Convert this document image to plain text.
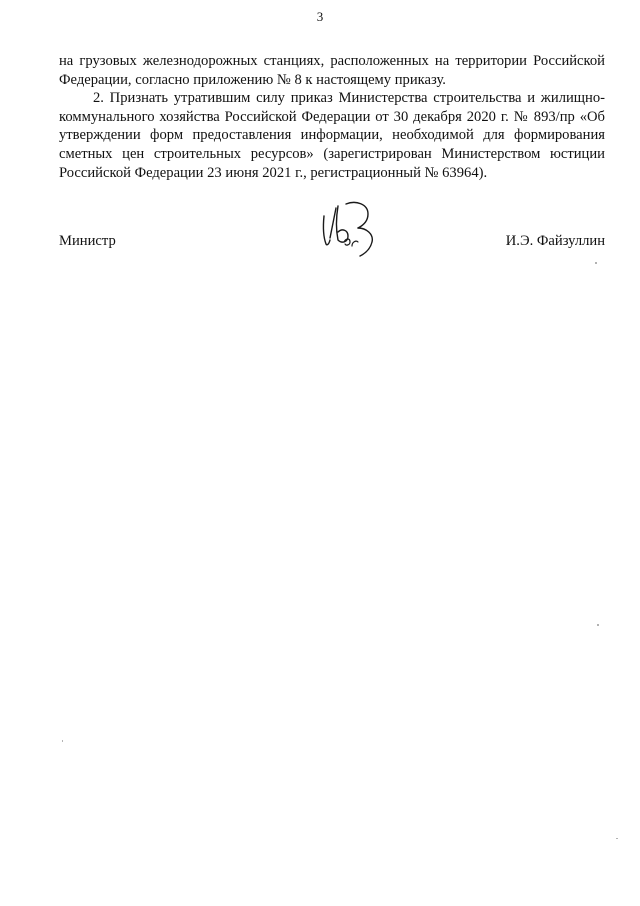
3

на грузовых железнодорожных станциях, расположенных на территории Российской Федерации, согласно приложению № 8 к настоящему приказу.

2. Признать утратившим силу приказ Министерства строительства и жилищно-коммунального хозяйства Российской Федерации от 30 декабря 2020 г. № 893/пр «Об утверждении форм предоставления информации, необходимой для формирования сметных цен строительных ресурсов» (зарегистрирован Министерством юстиции Российской Федерации 23 июня 2021 г., регистрационный № 63964).

Министр	И.Э. Файзуллин
